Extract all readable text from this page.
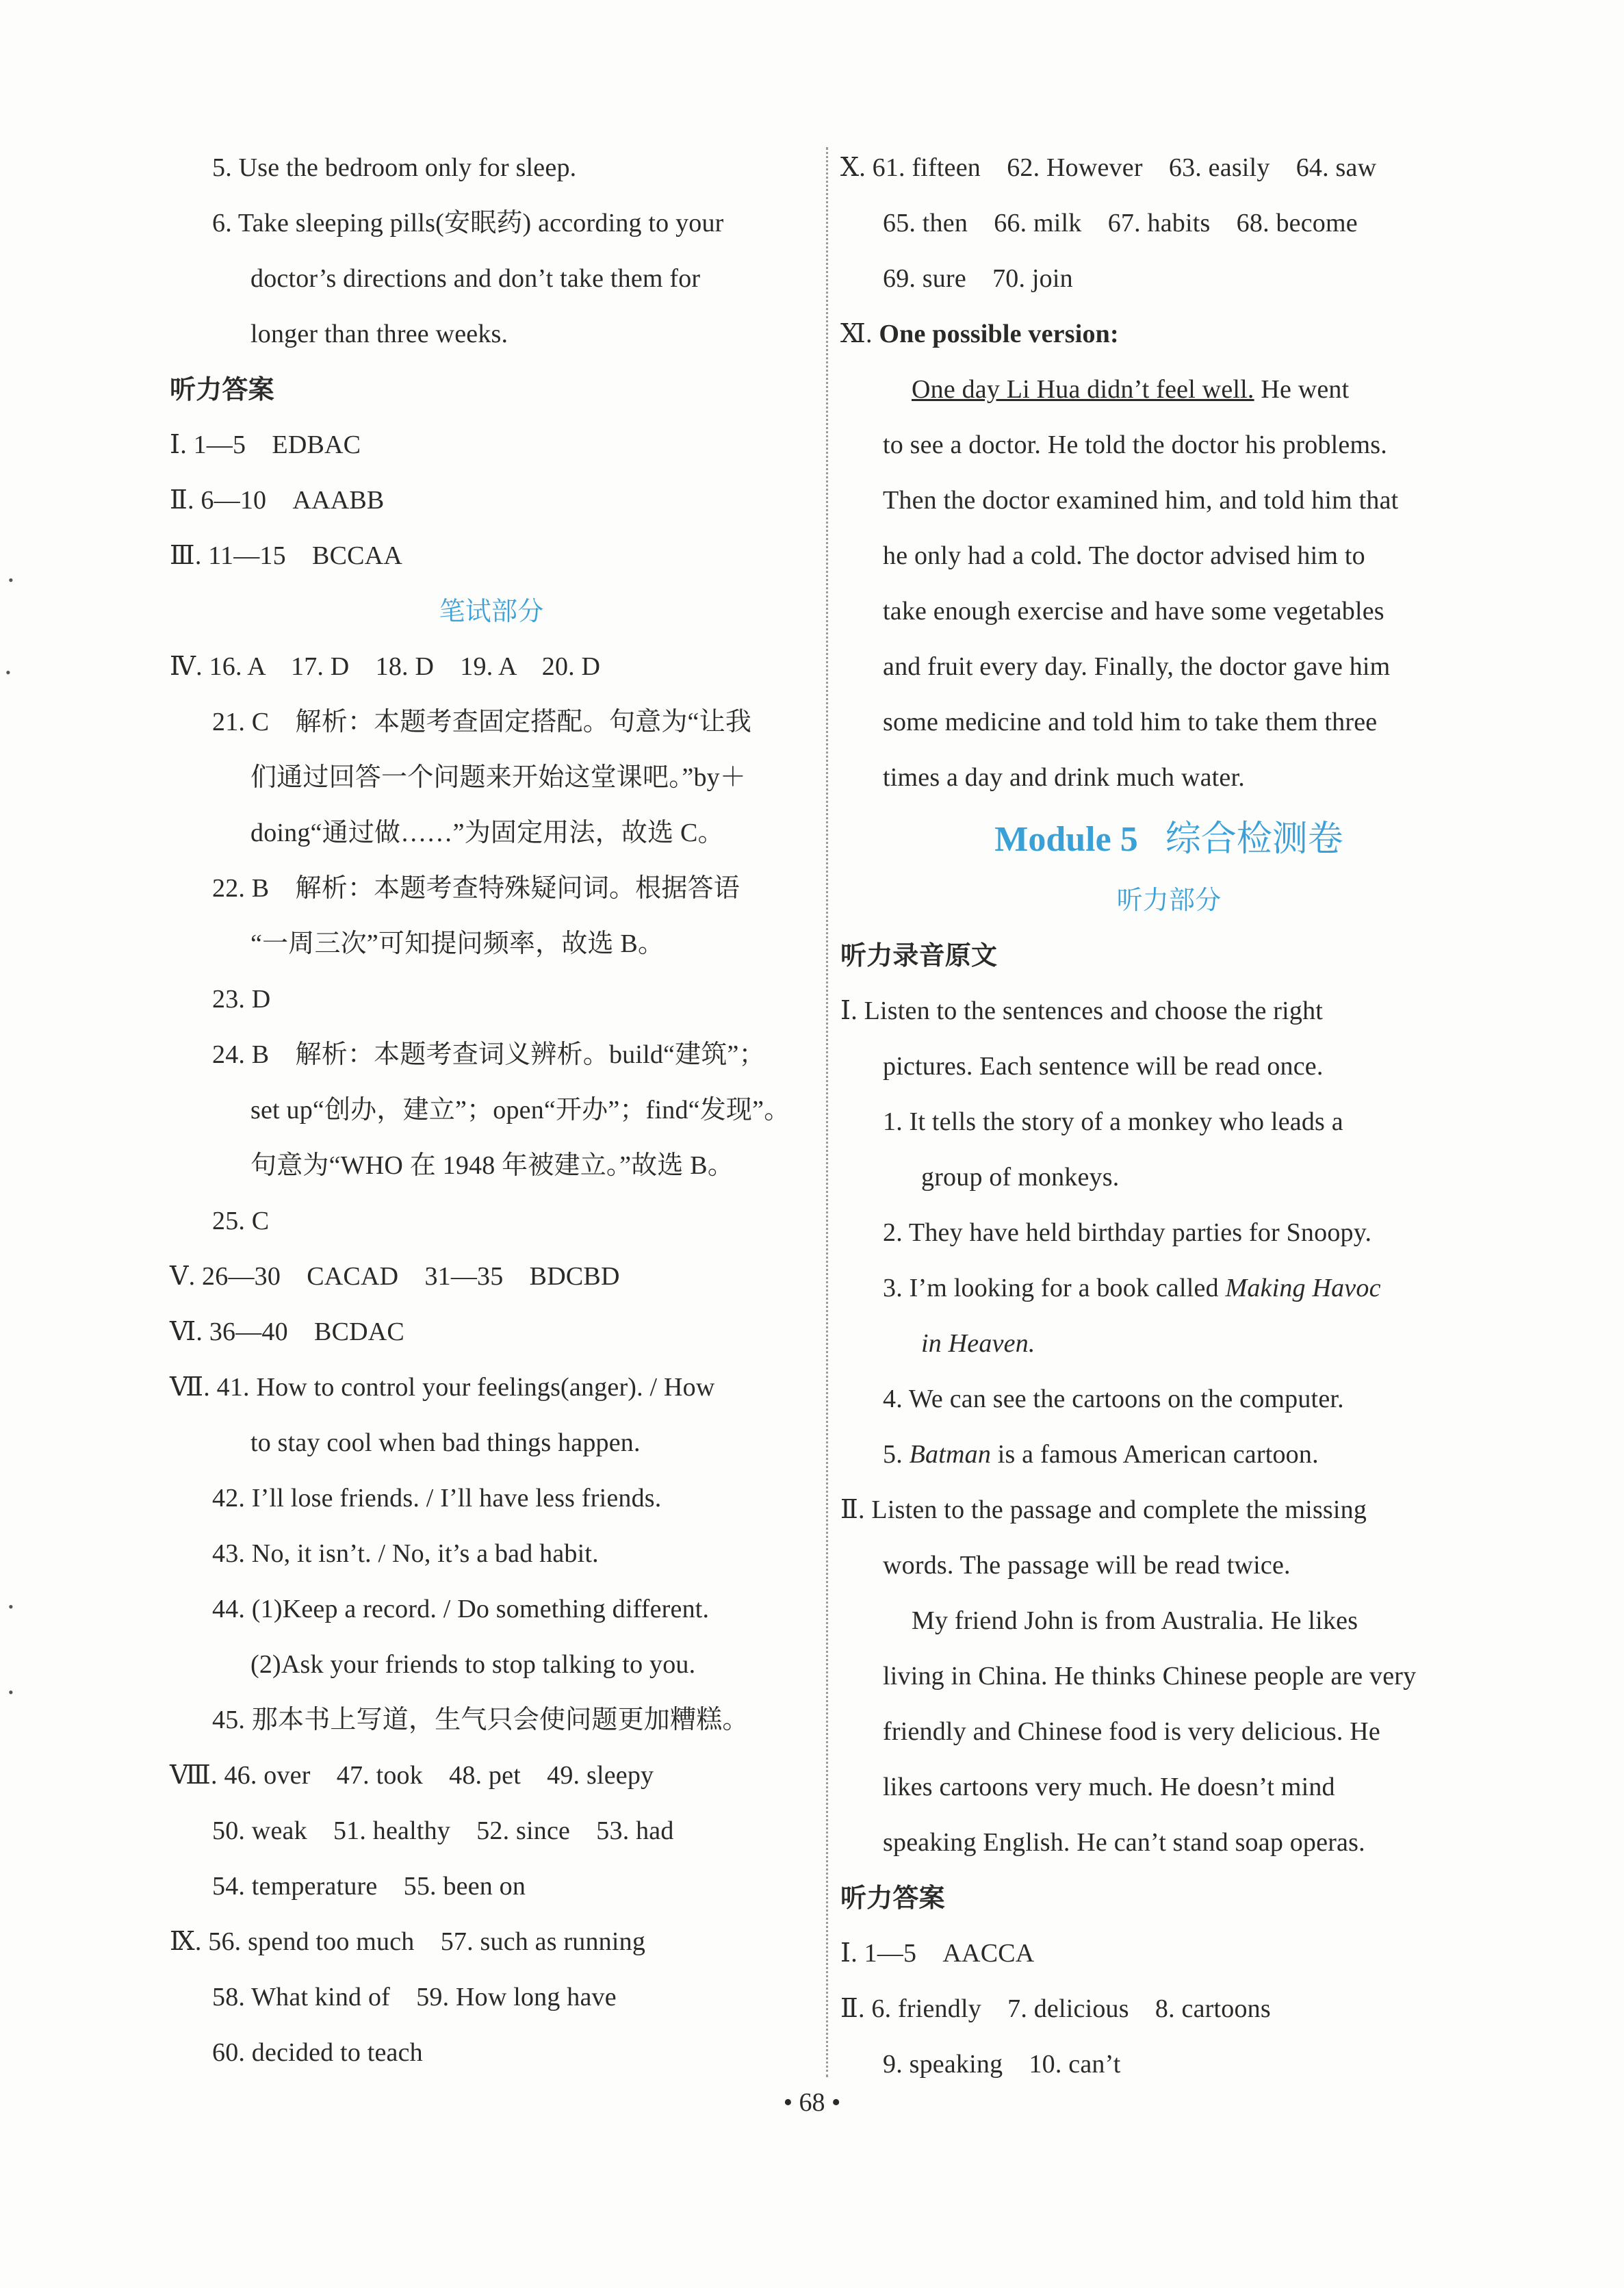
5. Use the bedroom only for sleep.
6. Take sleeping pills(安眠药) according to your
doctor’s directions and don’t take them for
longer than three weeks.
听力答案
Ⅰ. 1—5　EDBAC
Ⅱ. 6—10　AAABB
Ⅲ. 11—15　BCCAA
笔试部分
Ⅳ. 16. A　17. D　18. D　19. A　20. D
21. C　解析：本题考查固定搭配。句意为“让我
们通过回答一个问题来开始这堂课吧。”by＋
doing“通过做……”为固定用法，故选 C。
22. B　解析：本题考查特殊疑问词。根据答语
“一周三次”可知提问频率，故选 B。
23. D
24. B　解析：本题考查词义辨析。build“建筑”；
set up“创办，建立”；open“开办”；find“发现”。
句意为“WHO 在 1948 年被建立。”故选 B。
25. C
Ⅴ. 26—30　CACAD　31—35　BDCBD
Ⅵ. 36—40　BCDAC
Ⅶ. 41. How to control your feelings(anger). / How
to stay cool when bad things happen.
42. I’ll lose friends. / I’ll have less friends.
43. No, it isn’t. / No, it’s a bad habit.
44. (1)Keep a record. / Do something different.
(2)Ask your friends to stop talking to you.
45. 那本书上写道，生气只会使问题更加糟糕。
Ⅷ. 46. over　47. took　48. pet　49. sleepy
50. weak　51. healthy　52. since　53. had
54. temperature　55. been on
Ⅸ. 56. spend too much　57. such as running
58. What kind of　59. How long have
60. decided to teach
Ⅹ. 61. fifteen　62. However　63. easily　64. saw
65. then　66. milk　67. habits　68. become
69. sure　70. join
Ⅺ. One possible version:
One day Li Hua didn’t feel well. He went
to see a doctor. He told the doctor his problems.
Then the doctor examined him, and told him that
he only had a cold. The doctor advised him to
take enough exercise and have some vegetables
and fruit every day. Finally, the doctor gave him
some medicine and told him to take them three
times a day and drink much water.
Module 5 综合检测卷
听力部分
听力录音原文
Ⅰ. Listen to the sentences and choose the right
pictures. Each sentence will be read once.
1. It tells the story of a monkey who leads a
group of monkeys.
2. They have held birthday parties for Snoopy.
3. I’m looking for a book called Making Havoc
in Heaven.
4. We can see the cartoons on the computer.
5. Batman is a famous American cartoon.
Ⅱ. Listen to the passage and complete the missing
words. The passage will be read twice.
My friend John is from Australia. He likes
living in China. He thinks Chinese people are very
friendly and Chinese food is very delicious. He
likes cartoons very much. He doesn’t mind
speaking English. He can’t stand soap operas.
听力答案
Ⅰ. 1—5　AACCA
Ⅱ. 6. friendly　7. delicious　8. cartoons
9. speaking　10. can’t
• 68 •
•
•
•
•
